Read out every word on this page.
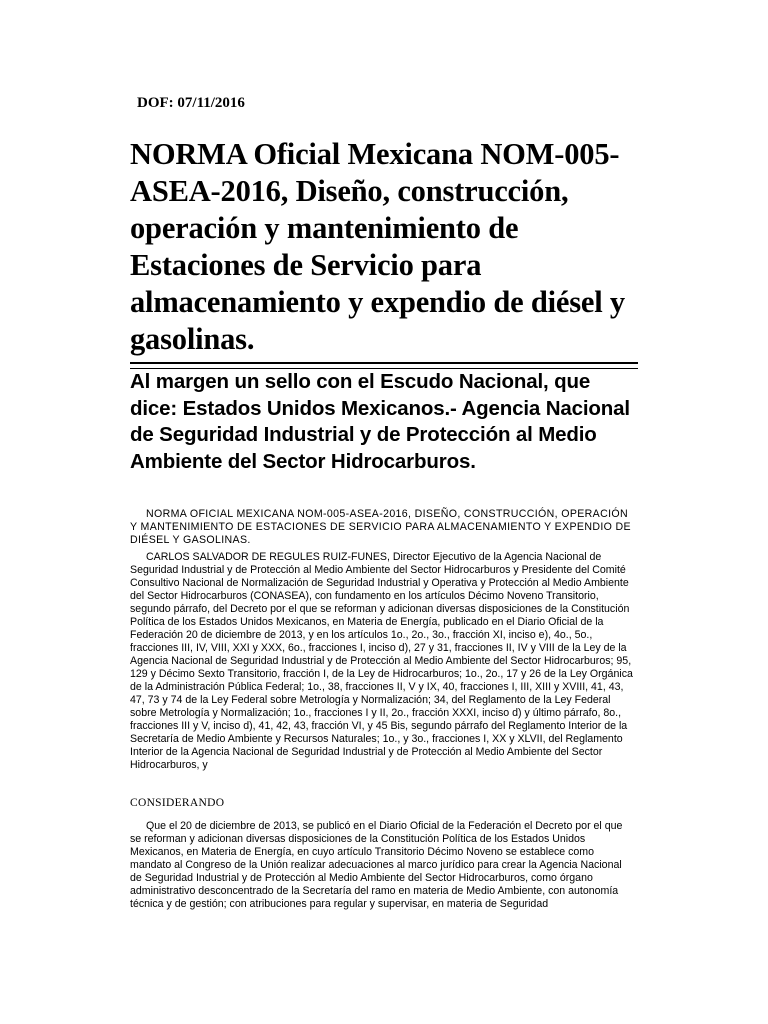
DOF: 07/11/2016

NORMA Oficial Mexicana NOM-005-ASEA-2016, Diseño, construcción, operación y mantenimiento de Estaciones de Servicio para almacenamiento y expendio de diésel y gasolinas.
Al margen un sello con el Escudo Nacional, que dice: Estados Unidos Mexicanos.- Agencia Nacional de Seguridad Industrial y de Protección al Medio Ambiente del Sector Hidrocarburos.

NORMA OFICIAL MEXICANA NOM-005-ASEA-2016, DISEÑO, CONSTRUCCIÓN, OPERACIÓN Y MANTENIMIENTO DE ESTACIONES DE SERVICIO PARA ALMACENAMIENTO Y EXPENDIO DE DIÉSEL Y GASOLINAS.

CARLOS SALVADOR DE REGULES RUIZ-FUNES, Director Ejecutivo de la Agencia Nacional de Seguridad Industrial y de Protección al Medio Ambiente del Sector Hidrocarburos y Presidente del Comité Consultivo Nacional de Normalización de Seguridad Industrial y Operativa y Protección al Medio Ambiente del Sector Hidrocarburos (CONASEA), con fundamento en los artículos Décimo Noveno Transitorio, segundo párrafo, del Decreto por el que se reforman y adicionan diversas disposiciones de la Constitución Política de los Estados Unidos Mexicanos, en Materia de Energía, publicado en el Diario Oficial de la Federación 20 de diciembre de 2013, y en los artículos 1o., 2o., 3o., fracción XI, inciso e), 4o., 5o., fracciones III, IV, VIII, XXI y XXX, 6o., fracciones I, inciso d), 27 y 31, fracciones II, IV y VIII de la Ley de la Agencia Nacional de Seguridad Industrial y de Protección al Medio Ambiente del Sector Hidrocarburos; 95, 129 y Décimo Sexto Transitorio, fracción I, de la Ley de Hidrocarburos; 1o., 2o., 17 y 26 de la Ley Orgánica de la Administración Pública Federal; 1o., 38, fracciones II, V y IX, 40, fracciones I, III, XIII y XVIII, 41, 43, 47, 73 y 74 de la Ley Federal sobre Metrología y Normalización; 34, del Reglamento de la Ley Federal sobre Metrología y Normalización; 1o., fracciones I y II, 2o., fracción XXXI, inciso d) y último párrafo, 8o., fracciones III y V, inciso d), 41, 42, 43, fracción VI, y 45 Bis, segundo párrafo del Reglamento Interior de la Secretaría de Medio Ambiente y Recursos Naturales; 1o., y 3o., fracciones I, XX y XLVII, del Reglamento Interior de la Agencia Nacional de Seguridad Industrial y de Protección al Medio Ambiente del Sector Hidrocarburos, y

CONSIDERANDO

Que el 20 de diciembre de 2013, se publicó en el Diario Oficial de la Federación el Decreto por el que se reforman y adicionan diversas disposiciones de la Constitución Política de los Estados Unidos Mexicanos, en Materia de Energía, en cuyo artículo Transitorio Décimo Noveno se establece como mandato al Congreso de la Unión realizar adecuaciones al marco jurídico para crear la Agencia Nacional de Seguridad Industrial y de Protección al Medio Ambiente del Sector Hidrocarburos, como órgano administrativo desconcentrado de la Secretaría del ramo en materia de Medio Ambiente, con autonomía técnica y de gestión; con atribuciones para regular y supervisar, en materia de Seguridad
